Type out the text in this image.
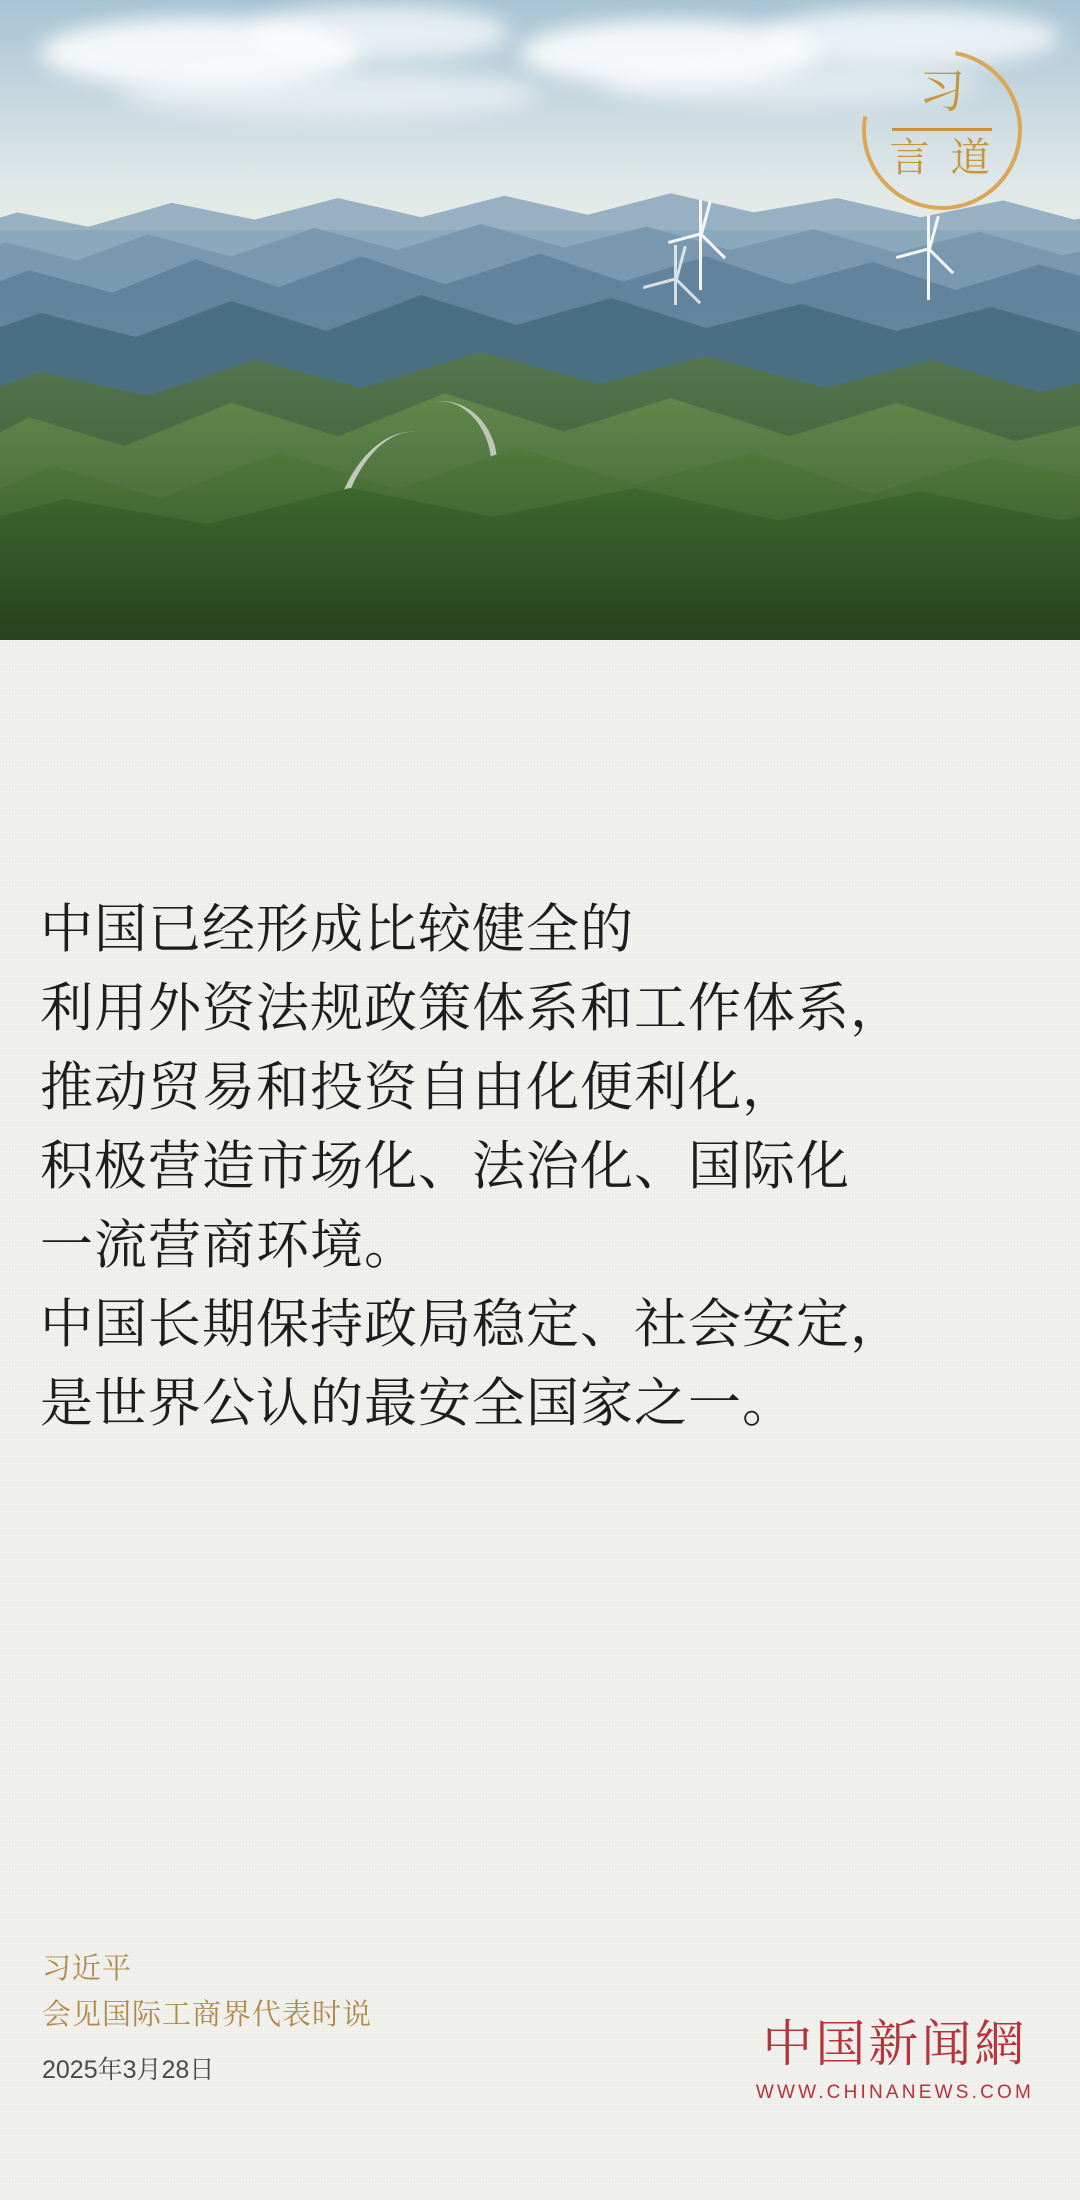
习
言 道
中国已经形成比较健全的
利用外资法规政策体系和工作体系，
推动贸易和投资自由化便利化，
积极营造市场化、法治化、国际化
一流营商环境。
中国长期保持政局稳定、社会安定，
是世界公认的最安全国家之一。
习近平
会见国际工商界代表时说
2025年3月28日	中国新闻網
WWW.CHINANEWS.COM
